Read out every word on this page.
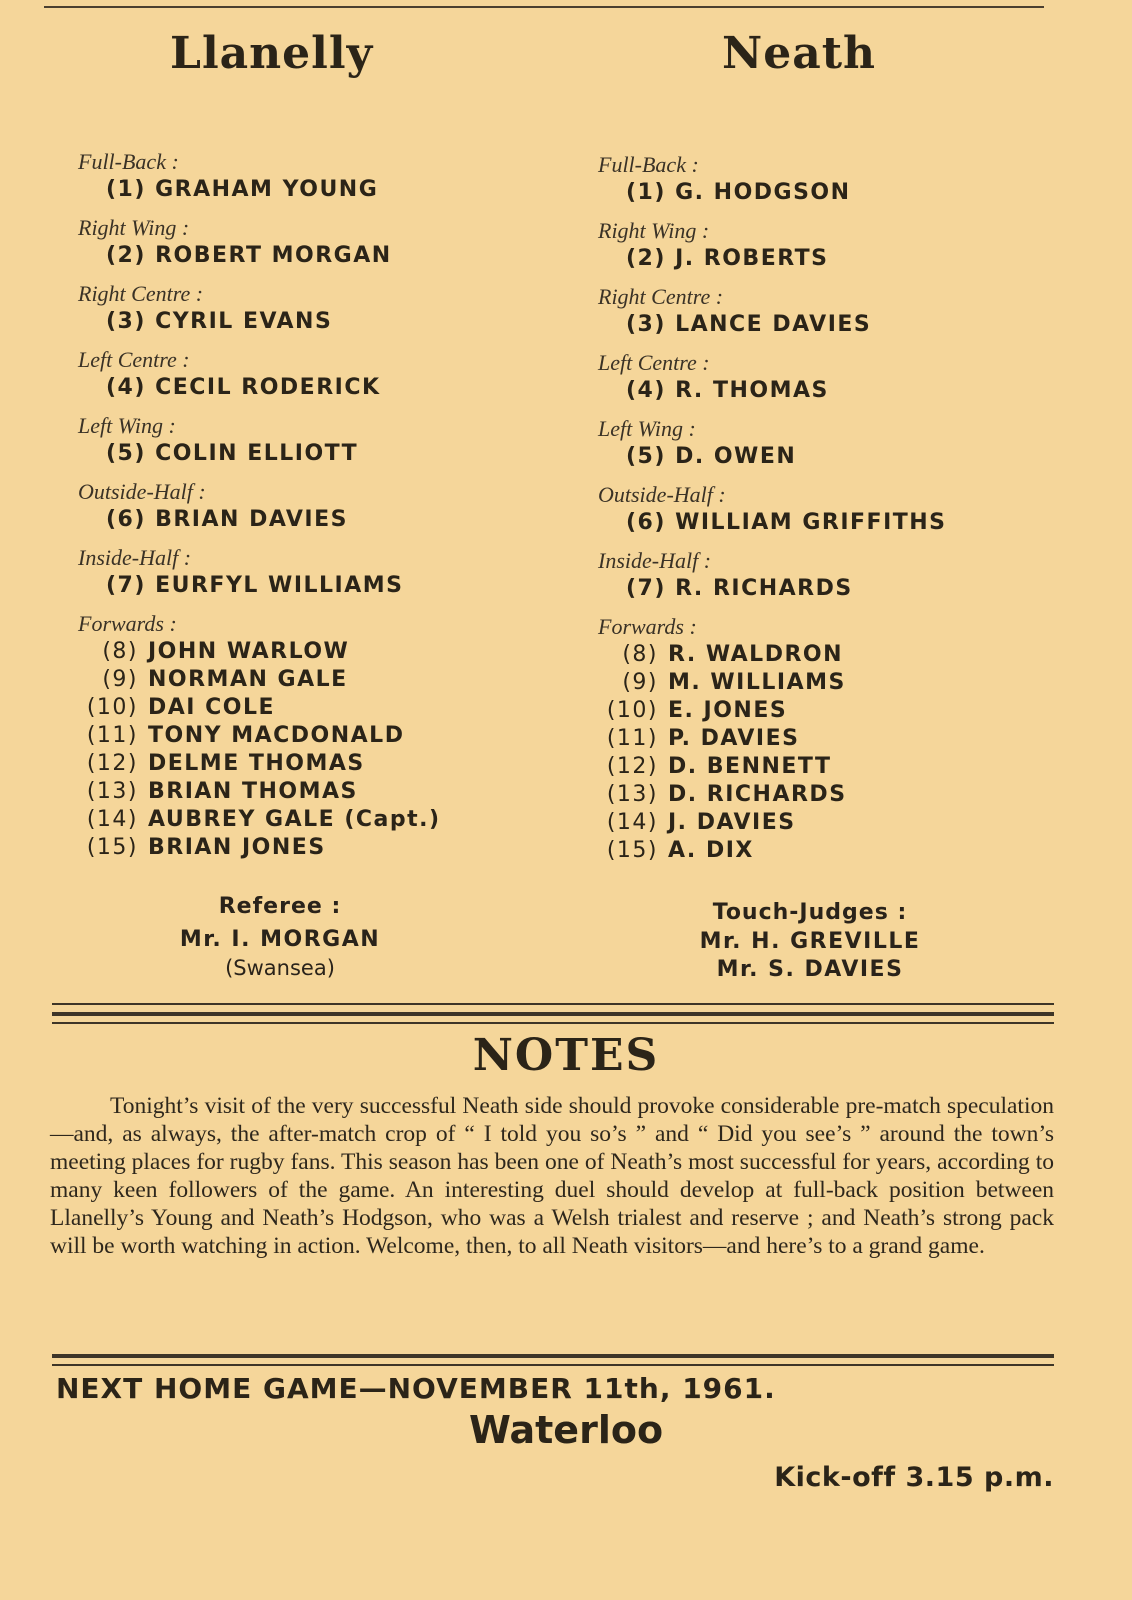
Llanelly	Neath
Full-Back :
(1) GRAHAM YOUNG
Right Wing :
(2) ROBERT MORGAN
Right Centre :
(3) CYRIL EVANS
Left Centre :
(4) CECIL RODERICK
Left Wing :
(5) COLIN ELLIOTT
Outside-Half :
(6) BRIAN DAVIES
Inside-Half :
(7) EURFYL WILLIAMS
Forwards :
(8) JOHN WARLOW
(9) NORMAN GALE
(10) DAI COLE
(11) TONY MACDONALD
(12) DELME THOMAS
(13) BRIAN THOMAS
(14) AUBREY GALE (Capt.)
(15) BRIAN JONES
Full-Back :
(1) G. HODGSON
Right Wing :
(2) J. ROBERTS
Right Centre :
(3) LANCE DAVIES
Left Centre :
(4) R. THOMAS
Left Wing :
(5) D. OWEN
Outside-Half :
(6) WILLIAM GRIFFITHS
Inside-Half :
(7) R. RICHARDS
Forwards :
(8) R. WALDRON
(9) M. WILLIAMS
(10) E. JONES
(11) P. DAVIES
(12) D. BENNETT
(13) D. RICHARDS
(14) J. DAVIES
(15) A. DIX
Referee :
Mr. I. MORGAN
(Swansea)
Touch-Judges :
Mr. H. GREVILLE
Mr. S. DAVIES
NOTES
Tonight’s visit of the very successful Neath side should provoke considerable pre-match speculation—and, as always, the after-match crop of “ I told you so’s ” and “ Did you see’s ” around the town’s meeting places for rugby fans. This season has been one of Neath’s most successful for years, according to many keen followers of the game. An interesting duel should develop at full-back position between Llanelly’s Young and Neath’s Hodgson, who was a Welsh trialest and reserve ; and Neath’s strong pack will be worth watching in action. Welcome, then, to all Neath visitors—and here’s to a grand game.
NEXT HOME GAME—NOVEMBER 11th, 1961.
Waterloo
Kick-off 3.15 p.m.
